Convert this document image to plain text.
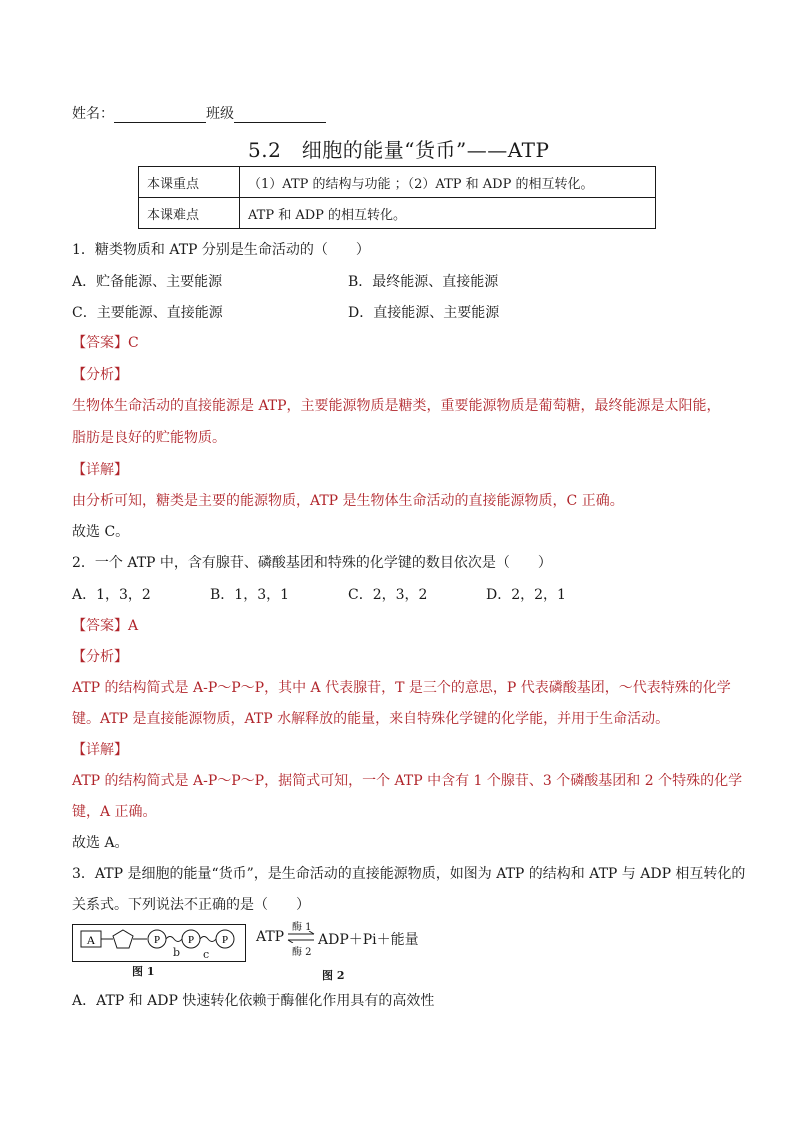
姓名：	班级
5.2　细胞的能量“货币”——ATP
本课重点	（1）ATP 的结构与功能 ；（2）ATP 和 ADP 的相互转化。
本课难点	ATP 和 ADP 的相互转化。
1．糖类物质和 ATP 分别是生命活动的（　　）
A．贮备能源、主要能源	B．最终能源、直接能源
C．主要能源、直接能源	D．直接能源、主要能源
【答案】C
【分析】
生物体生命活动的直接能源是 ATP，主要能源物质是糖类，重要能源物质是葡萄糖，最终能源是太阳能，
脂肪是良好的贮能物质。
【详解】
由分析可知，糖类是主要的能源物质，ATP 是生物体生命活动的直接能源物质，C 正确。
故选 C。
2．一个 ATP 中，含有腺苷、磷酸基团和特殊的化学键的数目依次是（　　）
A．1，3，2	B．1，3，1	C．2，3，2	D．2，2，1
【答案】A
【分析】
ATP 的结构简式是 A-P～P～P，其中 A 代表腺苷，T 是三个的意思，P 代表磷酸基团，～代表特殊的化学
键。ATP 是直接能源物质，ATP 水解释放的能量，来自特殊化学键的化学能，并用于生命活动。
【详解】
ATP 的结构简式是 A-P～P～P，据简式可知，一个 ATP 中含有 1 个腺苷、3 个磷酸基团和 2 个特殊的化学
键，A 正确。
故选 A。
3．ATP 是细胞的能量“货币”，是生命活动的直接能源物质，如图为 ATP 的结构和 ATP 与 ADP 相互转化的
关系式。下列说法不正确的是（　　）
A	P	P	P
b c
图 1
ATP
酶 1
酶 2
ADP＋Pi＋能量
图 2
A．ATP 和 ADP 快速转化依赖于酶催化作用具有的高效性
